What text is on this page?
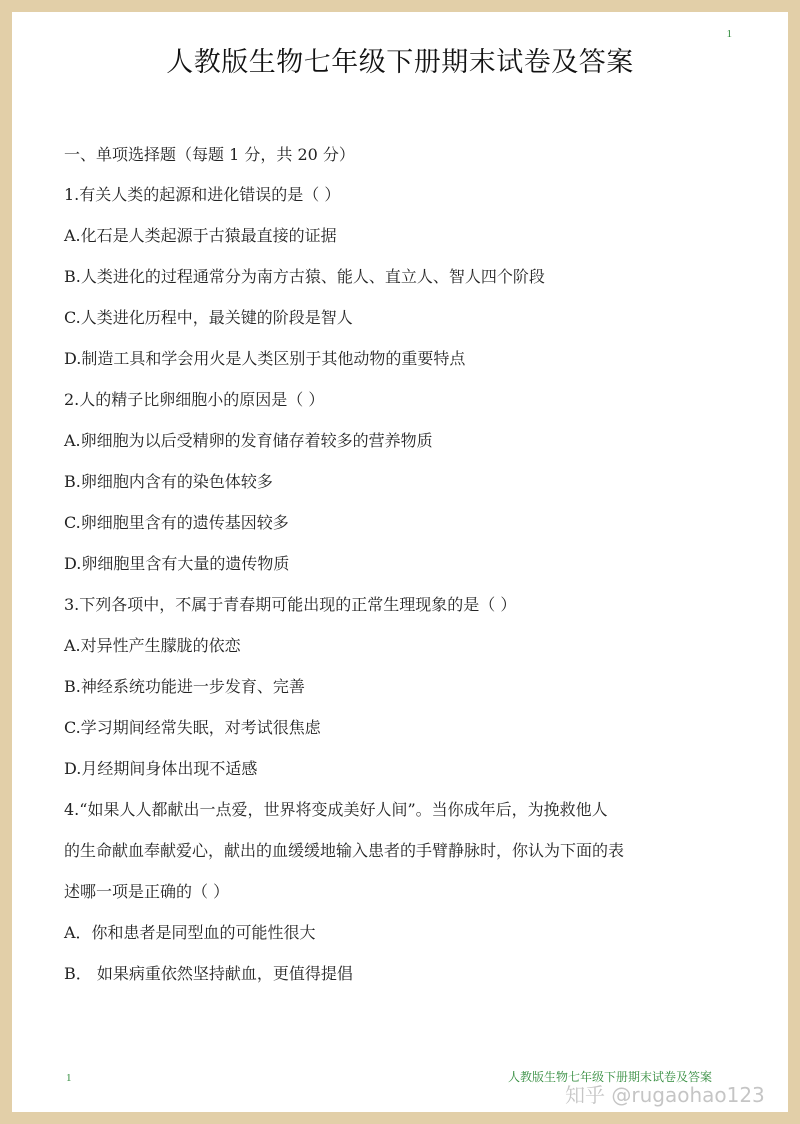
1
人教版生物七年级下册期末试卷及答案
一、单项选择题（每题 1 分，共 20 分）
1.有关人类的起源和进化错误的是（ ）
A.化石是人类起源于古猿最直接的证据
B.人类进化的过程通常分为南方古猿、能人、直立人、智人四个阶段
C.人类进化历程中，最关键的阶段是智人
D.制造工具和学会用火是人类区别于其他动物的重要特点
2.人的精子比卵细胞小的原因是（ ）
A.卵细胞为以后受精卵的发育储存着较多的营养物质
B.卵细胞内含有的染色体较多
C.卵细胞里含有的遗传基因较多
D.卵细胞里含有大量的遗传物质
3.下列各项中，不属于青春期可能出现的正常生理现象的是（ ）
A.对异性产生朦胧的依恋
B.神经系统功能进一步发育、完善
C.学习期间经常失眠，对考试很焦虑
D.月经期间身体出现不适感
4.“如果人人都献出一点爱，世界将变成美好人间”。当你成年后，为挽救他人
的生命献血奉献爱心，献出的血缓缓地输入患者的手臂静脉时，你认为下面的表
述哪一项是正确的（ ）
A．你和患者是同型血的可能性很大
B． 如果病重依然坚持献血，更值得提倡
1	人教版生物七年级下册期末试卷及答案
知乎 @rugaohao123
